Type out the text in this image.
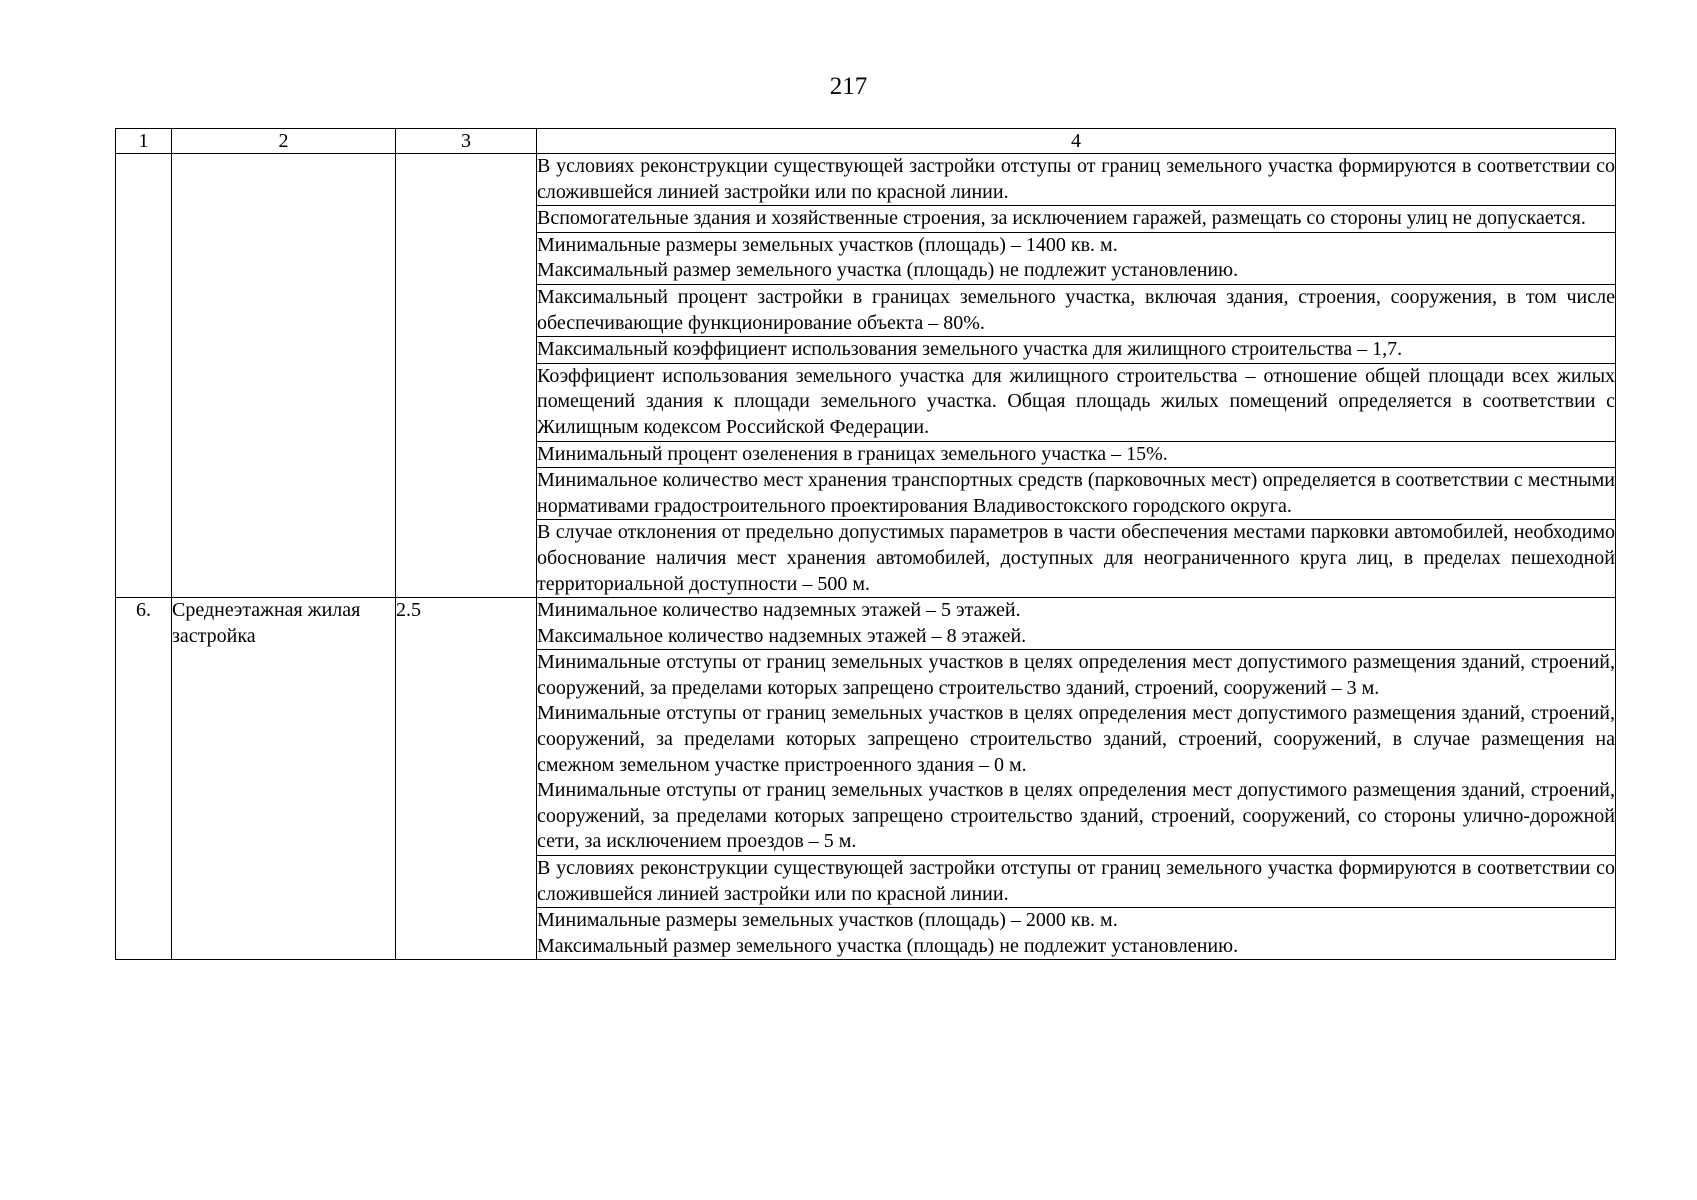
217
1	2	3	4
			В условиях реконструкции существующей застройки отступы от границ земельного участка формируются в соответствии со сложившейся линией застройки или по красной линии.
			Вспомогательные здания и хозяйственные строения, за исключением гаражей, размещать со стороны улиц не допускается.

			Минимальные размеры земельных участков (площадь) – 1400 кв. м.

Максимальный размер земельного участка (площадь) не подлежит установлению.

			Максимальный процент застройки в границах земельного участка, включая здания, строения, сооружения, в том числе обеспечивающие функционирование объекта – 80%.
			Максимальный коэффициент использования земельного участка для жилищного строительства – 1,7.
			Коэффициент использования земельного участка для жилищного строительства – отношение общей площади всех жилых помещений здания к площади земельного участка. Общая площадь жилых помещений определяется в соответствии с Жилищным кодексом Российской Федерации.
			Минимальный процент озеленения в границах земельного участка – 15%.
			Минимальное количество мест хранения транспортных средств (парковочных мест) определяется в соответствии с местными нормативами градостроительного проектирования Владивостокского городского округа.
			В случае отклонения от предельно допустимых параметров в части обеспечения местами парковки автомобилей, необходимо обоснование наличия мест хранения автомобилей, доступных для неограниченного круга лиц, в пределах пешеходной территориальной доступности – 500 м.
6.	Среднеэтажная жилая застройка	2.5	Минимальное количество надземных этажей – 5 этажей.

Максимальное количество надземных этажей – 8 этажей.

			Минимальные отступы от границ земельных участков в целях определения мест допустимого размещения зданий, строений, сооружений, за пределами которых запрещено строительство зданий, строений, сооружений – 3 м.

Минимальные отступы от границ земельных участков в целях определения мест допустимого размещения зданий, строений, сооружений, за пределами которых запрещено строительство зданий, строений, сооружений, в случае размещения на смежном земельном участке пристроенного здания – 0 м.

Минимальные отступы от границ земельных участков в целях определения мест допустимого размещения зданий, строений, сооружений, за пределами которых запрещено строительство зданий, строений, сооружений, со стороны улично-дорожной сети, за исключением проездов – 5 м.

			В условиях реконструкции существующей застройки отступы от границ земельного участка формируются в соответствии со сложившейся линией застройки или по красной линии.

			Минимальные размеры земельных участков (площадь) – 2000 кв. м.

Максимальный размер земельного участка (площадь) не подлежит установлению.
